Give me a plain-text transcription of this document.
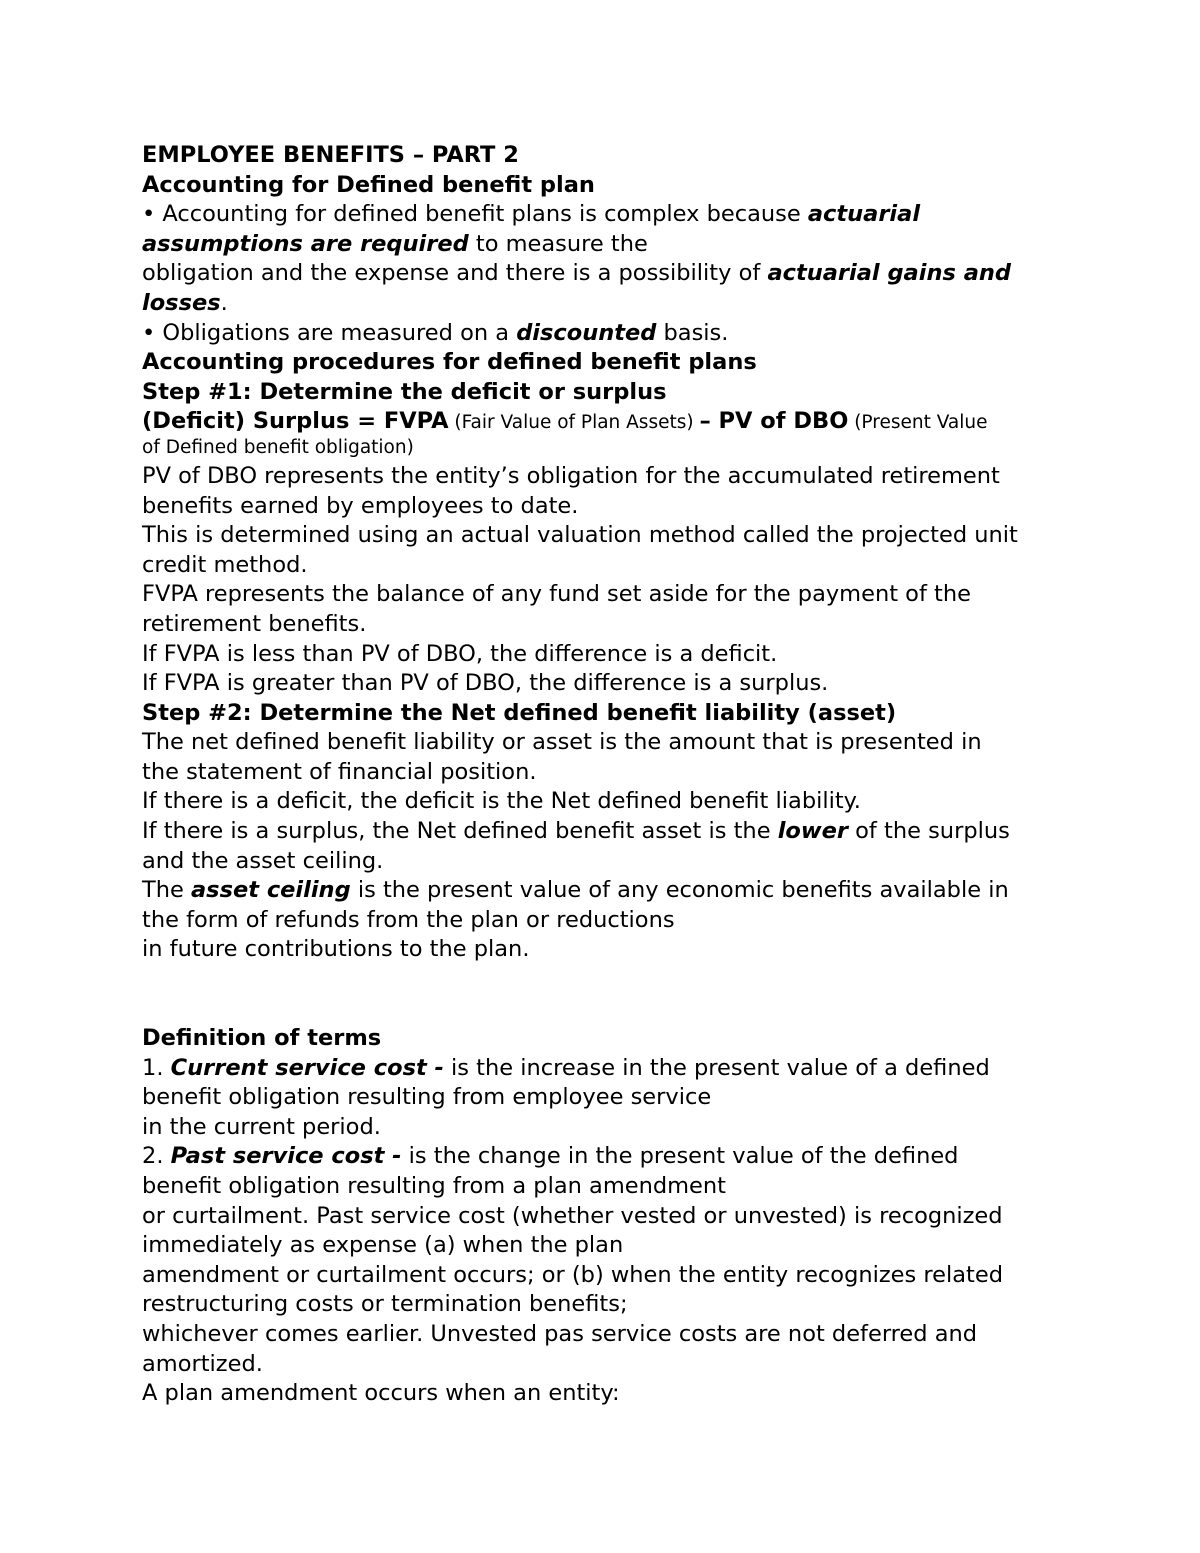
EMPLOYEE BENEFITS – PART 2
Accounting for Defined benefit plan
• Accounting for defined benefit plans is complex because actuarial
assumptions are required to measure the
obligation and the expense and there is a possibility of actuarial gains and
losses.
• Obligations are measured on a discounted basis.
Accounting procedures for defined benefit plans
Step #1: Determine the deficit or surplus
(Deficit) Surplus = FVPA (Fair Value of Plan Assets) – PV of DBO (Present Value
of Defined benefit obligation)
PV of DBO represents the entity’s obligation for the accumulated retirement
benefits earned by employees to date.
This is determined using an actual valuation method called the projected unit
credit method.
FVPA represents the balance of any fund set aside for the payment of the
retirement benefits.
If FVPA is less than PV of DBO, the difference is a deficit.
If FVPA is greater than PV of DBO, the difference is a surplus.
Step #2: Determine the Net defined benefit liability (asset)
The net defined benefit liability or asset is the amount that is presented in
the statement of financial position.
If there is a deficit, the deficit is the Net defined benefit liability.
If there is a surplus, the Net defined benefit asset is the lower of the surplus
and the asset ceiling.
The asset ceiling is the present value of any economic benefits available in
the form of refunds from the plan or reductions
in future contributions to the plan.
Definition of terms
1. Current service cost - is the increase in the present value of a defined
benefit obligation resulting from employee service
in the current period.
2. Past service cost - is the change in the present value of the defined
benefit obligation resulting from a plan amendment
or curtailment. Past service cost (whether vested or unvested) is recognized
immediately as expense (a) when the plan
amendment or curtailment occurs; or (b) when the entity recognizes related
restructuring costs or termination benefits;
whichever comes earlier. Unvested pas service costs are not deferred and
amortized.
A plan amendment occurs when an entity:
